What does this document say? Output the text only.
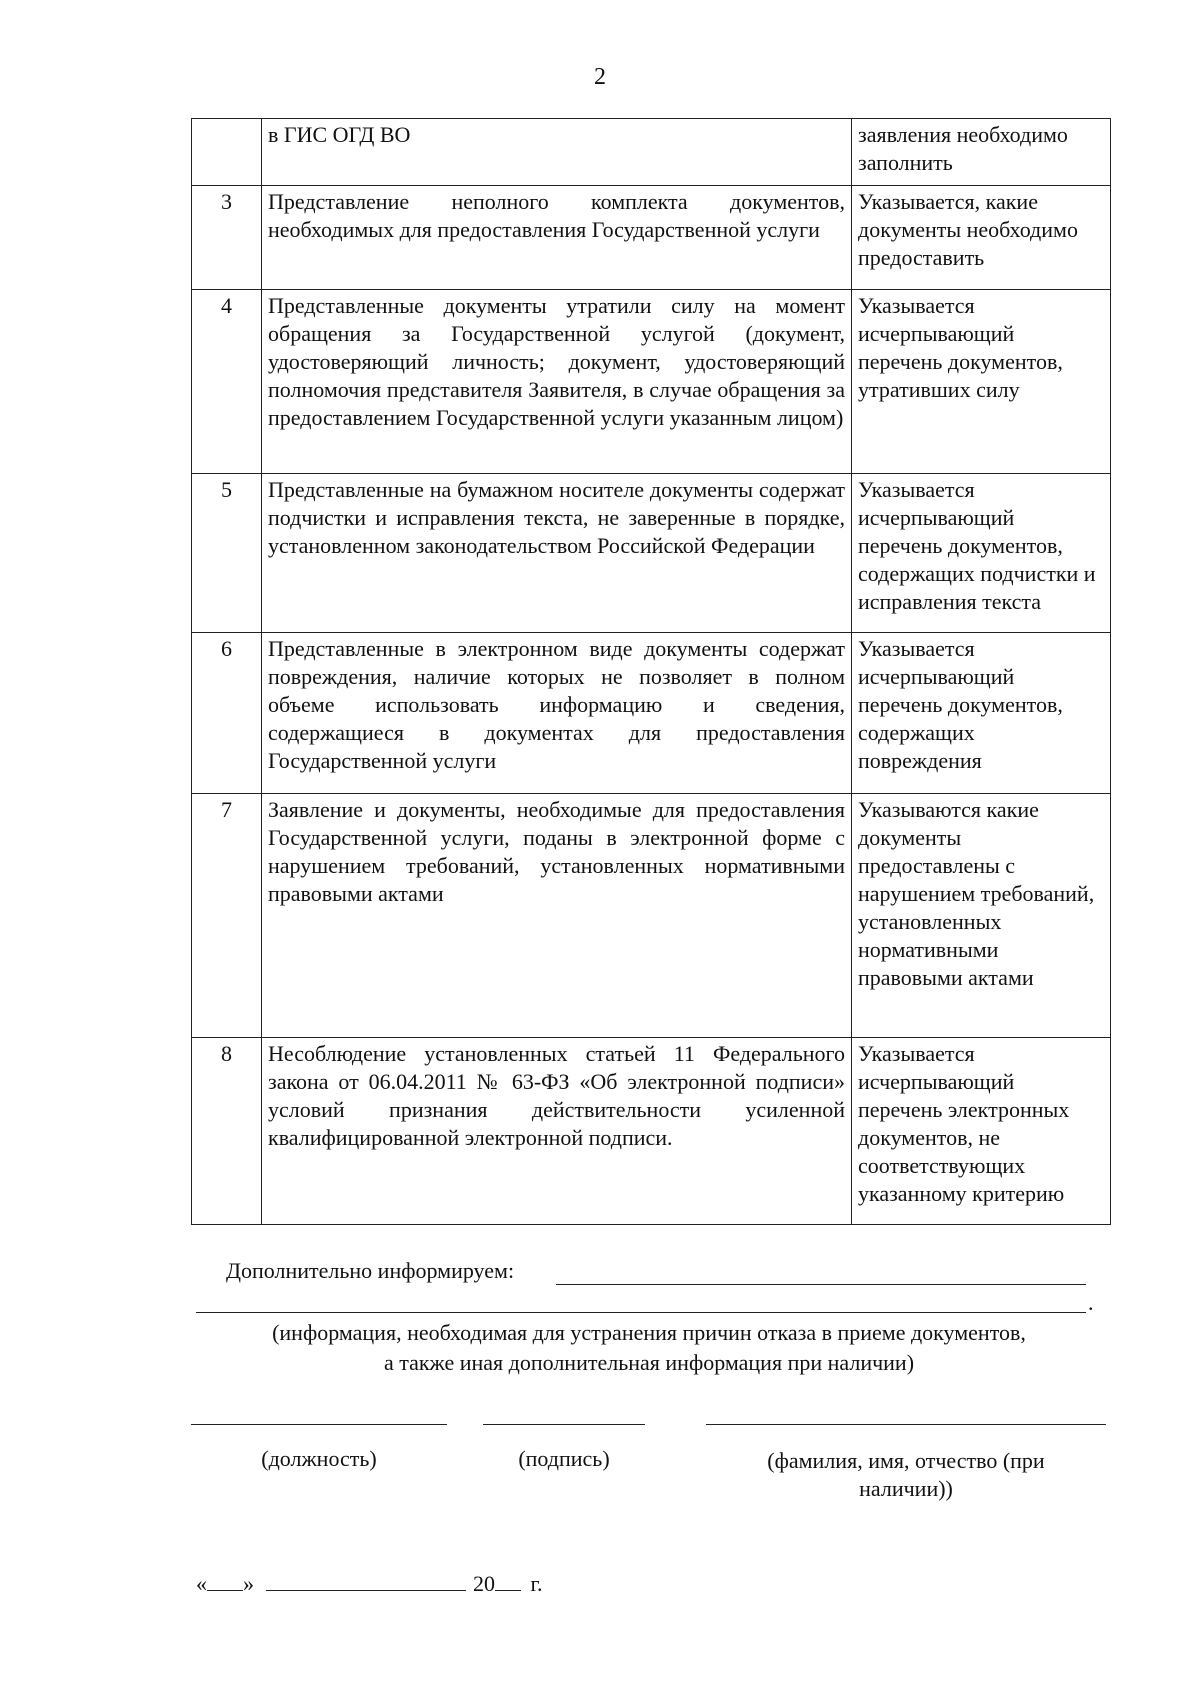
2
	в ГИС ОГД ВО	заявления необходимо заполнить
3	Представление неполного комплекта документов, необходимых для предоставления Государственной услуги	Указывается, какие документы необходимо предоставить
4	Представленные документы утратили силу на момент обращения за Государственной услугой (документ, удостоверяющий личность; документ, удостоверяющий полномочия представителя Заявителя, в случае обращения за предоставлением Государственной услуги указанным лицом)	Указывается исчерпывающий перечень документов, утративших силу
5	Представленные на бумажном носителе документы содержат подчистки и исправления текста, не заверенные в порядке, установленном законодательством Российской Федерации	Указывается исчерпывающий перечень документов, содержащих подчистки и исправления текста
6	Представленные в электронном виде документы содержат повреждения, наличие которых не позволяет в полном объеме использовать информацию и сведения, содержащиеся в документах для предоставления Государственной услуги	Указывается исчерпывающий перечень документов, содержащих повреждения
7	Заявление и документы, необходимые для предоставления Государственной услуги, поданы в электронной форме с нарушением требований, установленных нормативными правовыми актами	Указываются какие документы предоставлены с нарушением требований, установленных нормативными правовыми актами
8	Несоблюдение установленных статьей 11 Федерального закона от 06.04.2011 № 63-ФЗ «Об электронной подписи» условий признания действительности усиленной квалифицированной электронной подписи.	Указывается исчерпывающий перечень электронных документов, не соответствующих указанному критерию
Дополнительно информируем:
.
(информация, необходимая для устранения причин отказа в приеме документов,
а также иная дополнительная информация при наличии)
(должность)	(подпись)	(фамилия, имя, отчество (при
наличии))
« »	20 г.
